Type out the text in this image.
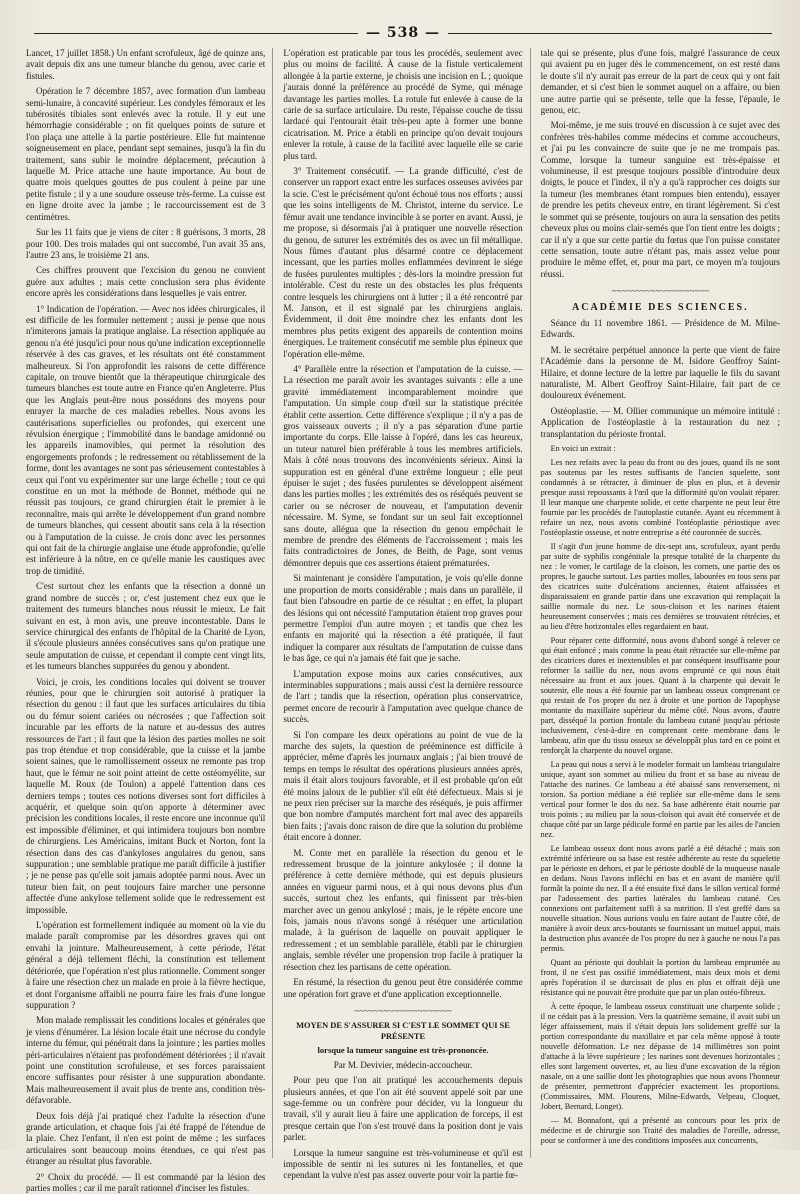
— 538 —

Lancet, 17 juillet 1858.) Un enfant scrofuleux, âgé de quinze ans, avait depuis dix ans une tumeur blanche du genou, avec carie et fistules.

Opération le 7 décembre 1857, avec formation d'un lambeau semi-lunaire, à concavité supérieur. Les condyles fémoraux et les tubérosités tibiales sont enlevés avec la rotule. Il y eut une hémorrhagie considérable ; on fit quelques points de suture et l'on plaça une attelle à la partie postérieure. Elle fut maintenue soigneusement en place, pendant sept semaines, jusqu'à la fin du traitement, sans subir le moindre déplacement, précaution à laquelle M. Price attache une haute importance. Au bout de quatre mois quelques gouttes de pus coulent à peine par une petite fistule ; il y a une soudure osseuse très-ferme. La cuisse est en ligne droite avec la jambe ; le raccourcissement est de 3 centimètres.

Sur les 11 faits que je viens de citer : 8 guérisons, 3 morts, 28 pour 100. Des trois malades qui ont succombé, l'un avait 35 ans, l'autre 23 ans, le troisième 21 ans.

Ces chiffres prouvent que l'excision du genou ne convient guère aux adultes ; mais cette conclusion sera plus évidente encore après les considérations dans lesquelles je vais entrer.

1° Indication de l'opération. — Avec nos idées chirurgicales, il est difficile de les formuler nettement ; aussi je pense que nous n'imiterons jamais la pratique anglaise. La résection appliquée au genou n'a été jusqu'ici pour nous qu'une indication exceptionnelle réservée à des cas graves, et les résultats ont été constamment malheureux. Si l'on approfondit les raisons de cette différence capitale, on trouve bientôt que la thérapeutique chirurgicale des tumeurs blanches est toute autre en France qu'en Angleterre. Plus que les Anglais peut-être nous possédons des moyens pour enrayer la marche de ces maladies rebelles. Nous avons les cautérisations superficielles ou profondes, qui exercent une révulsion énergique ; l'immobilité dans le bandage amidonné ou les appareils inamovibles, qui permet la résolution des engorgements profonds ; le redressement ou rétablissement de la forme, dont les avantages ne sont pas sérieusement contestables à ceux qui l'ont vu expérimenter sur une large échelle ; tout ce qui constitue en un mot la méthode de Bonnet, méthode qui ne réussit pas toujours, ce grand chirurgien était le premier à le reconnaître, mais qui arrête le développement d'un grand nombre de tumeurs blanches, qui cessent aboutit sans cela à la résection ou à l'amputation de la cuisse. Je crois donc avec les personnes qui ont fait de la chirurgie anglaise une étude approfondie, qu'elle est inférieure à la nôtre, en ce qu'elle manie les caustiques avec trop de timidité.

C'est surtout chez les enfants que la résection a donné un grand nombre de succès ; or, c'est justement chez eux que le traitement des tumeurs blanches nous réussit le mieux. Le fait suivant en est, à mon avis, une preuve incontestable. Dans le service chirurgical des enfants de l'hôpital de la Charité de Lyon, il s'écoule plusieurs années consécutives sans qu'on pratique une seule amputation de cuisse, et cependant il compte cent vingt lits, et les tumeurs blanches suppurées du genou y abondent.

Voici, je crois, les conditions locales qui doivent se trouver réunies, pour que le chirurgien soit autorisé à pratiquer la résection du genou : il faut que les surfaces articulaires du tibia ou du fémur soient cariées ou nécrosées ; que l'affection soit incurable par les efforts de la nature et au-dessus des autres ressources de l'art ; il faut que la lésion des parties molles ne soit pas trop étendue et trop considérable, que la cuisse et la jambe soient saines, que le ramollissement osseux ne remonte pas trop haut, que le fémur ne soit point atteint de cette ostéomyélite, sur laquelle M. Roux (de Toulon) a appelé l'attention dans ces derniers temps ; toutes ces notions diverses sont fort difficiles à acquérir, et quelque soin qu'on apporte à déterminer avec précision les conditions locales, il reste encore une inconnue qu'il est impossible d'éliminer, et qui intimidera toujours bon nombre de chirurgiens. Les Américains, imitant Buck et Norton, font la résection dans des cas d'ankyloses angulaires du genou, sans suppuration ; une semblable pratique me paraît difficile à justifier ; je ne pense pas qu'elle soit jamais adoptée parmi nous. Avec un tuteur bien fait, on peut toujours faire marcher une personne affectée d'une ankylose tellement solide que le redressement est impossible.

L'opération est formellement indiquée au moment où la vie du malade paraît compromise par les désordres graves qui ont envahi la jointure. Malheureusement, à cette période, l'état général a déjà tellement fléchi, la constitution est tellement détériorée, que l'opération n'est plus rationnelle. Comment songer à faire une résection chez un malade en proie à la fièvre hectique, et dont l'organisme affaibli ne pourra faire les frais d'une longue suppuration ?

Mon malade remplissait les conditions locales et générales que je viens d'énumérer. La lésion locale était une nécrose du condyle interne du fémur, qui pénétrait dans la jointure ; les parties molles péri-articulaires n'étaient pas profondément détériorées ; il n'avait point une constitution scrofuleuse, et ses forces paraissaient encore suffisantes pour résister à une suppuration abondante. Mais malheureusement il avait plus de trente ans, condition très-défavorable.

Deux fois déjà j'ai pratiqué chez l'adulte la résection d'une grande articulation, et chaque fois j'ai été frappé de l'étendue de la plaie. Chez l'enfant, il n'en est point de même ; les surfaces articulaires sont beaucoup moins étendues, ce qui n'est pas étranger au résultat plus favorable.

2° Choix du procédé. — Il est commandé par la lésion des parties molles ; car il me paraît rationnel d'inciser les fistules.

L'opération est praticable par tous les procédés, seulement avec plus ou moins de facilité. À cause de la fistule verticalement allongée à la partie externe, je choisis une incision en L ; quoique j'aurais donné la préférence au procédé de Syme, qui ménage davantage les parties molles. La rotule fut enlevée à cause de la carie de sa surface articulaire. Du reste, l'épaisse couche de tissu lardacé qui l'entourait était très-peu apte à former une bonne cicatrisation. M. Price a établi en principe qu'on devait toujours enlever la rotule, à cause de la facilité avec laquelle elle se carie plus tard.

3° Traitement consécutif. — La grande difficulté, c'est de conserver un rapport exact entre les surfaces osseuses avivées par la scie. C'est le précisément qu'ont échoué tous nos efforts ; aussi que les soins intelligents de M. Christot, interne du service. Le fémur avait une tendance invincible à se porter en avant. Aussi, je me propose, si désormais j'ai à pratiquer une nouvelle résection du genou, de suturer les extrémités des os avec un fil métallique. Nous fûmes d'autant plus désarmé contre ce déplacement incessant, que les parties molles enflammées devinrent le siége de fusées purulentes multiples ; dès-lors la moindre pression fut intolérable. C'est du reste un des obstacles les plus fréquents contre lesquels les chirurgiens ont à lutter ; il a été rencontré par M. Janson, et il est signalé par les chirurgiens anglais. Évidemment, il doit être moindre chez les enfants dont les membres plus petits exigent des appareils de contention moins énergiques. Le traitement consécutif me semble plus épineux que l'opération elle-même.

4° Parallèle entre la résection et l'amputation de la cuisse. — La résection me paraît avoir les avantages suivants : elle a une gravité immédiatement incomparablement moindre que l'amputation. Un simple coup d'œil sur la statistique précitée établit cette assertion. Cette différence s'explique ; il n'y a pas de gros vaisseaux ouverts ; il n'y a pas séparation d'une partie importante du corps. Elle laisse à l'opéré, dans les cas heureux, un tuteur naturel bien préférable à tous les membres artificiels. Mais à côté nous trouvons des inconvénients sérieux. Ainsi la suppuration est en général d'une extrême longueur ; elle peut épuiser le sujet ; des fusées purulentes se développent aisément dans les parties molles ; les extrémités des os réséqués peuvent se carier ou se nécroser de nouveau, et l'amputation devenir nécessaire. M. Syme, se fondant sur un seul fait exceptionnel sans doute, allégua que la résection du genou empêchait le membre de prendre des éléments de l'accroissement ; mais les faits contradictoires de Jones, de Beith, de Page, sont venus démontrer depuis que ces assertions étaient prématurées.

Si maintenant je considère l'amputation, je vois qu'elle donne une proportion de morts considérable ; mais dans un parallèle, il faut bien l'absoudre en partie de ce résultat ; en effet, la plupart des lésions qui ont nécessité l'amputation étaient trop graves pour permettre l'emploi d'un autre moyen ; et tandis que chez les enfants en majorité qui la résection a été pratiquée, il faut indiquer la comparer aux résultats de l'amputation de cuisse dans le bas âge, ce qui n'a jamais été fait que je sache.

L'amputation expose moins aux caries consécutives, aux interminables suppurations ; mais aussi c'est la dernière ressource de l'art ; tandis que la résection, opération plus conservatrice, permet encore de recourir à l'amputation avec quelque chance de succès.

Si l'on compare les deux opérations au point de vue de la marche des sujets, la question de prééminence est difficile à apprécier, même d'après les journaux anglais ; j'ai bien trouvé de temps en temps le résultat des opérations plusieurs années après, mais il était alors toujours favorable, et il est probable qu'on eût été moins jaloux de le publier s'il eût été défectueux. Mais si je ne peux rien préciser sur la marche des réséqués, je puis affirmer que bon nombre d'amputés marchent fort mal avec des appareils bien faits ; j'avais donc raison de dire que la solution du problème était encore à donner.

M. Conte met en parallèle la résection du genou et le redressement brusque de la jointure ankylosée ; il donne la préférence à cette dernière méthode, qui est depuis plusieurs années en vigueur parmi nous, et à qui nous devons plus d'un succès, surtout chez les enfants, qui finissent par très-bien marcher avec un genou ankylosé ; mais, je le répète encore une fois, jamais nous n'avons songé à réséquer une articulation malade, à la guérison de laquelle on pouvait appliquer le redressement ; et un semblable parallèle, établi par le chirurgien anglais, semble révéler une propension trop facile à pratiquer la résection chez les partisans de cette opération.

En résumé, la résection du genou peut être considérée comme une opération fort grave et d'une application exceptionnelle.

~~~~~~~~~~~~~~~~~~~~
MOYEN DE S'ASSURER SI C'EST LE SOMMET QUI SE PRÉSENTE
lorsque la tumeur sanguine est très-prononcée.
Par M. Devivier, médecin-accoucheur.

Pour peu que l'on ait pratiqué les accouchements depuis plusieurs années, et que l'on ait été souvent appelé soit par une sage-femme ou un confrère pour décider, vu la longueur du travail, s'il y aurait lieu à faire une application de forceps, il est presque certain que l'on s'est trouvé dans la position dont je vais parler.

Lorsque la tumeur sanguine est très-volumineuse et qu'il est impossible de sentir ni les sutures ni les fontanelles, et que cependant la vulve n'est pas assez ouverte pour voir la partie fœ-

tale qui se présente, plus d'une fois, malgré l'assurance de ceux qui avaient pu en juger dès le commencement, on est resté dans le doute s'il n'y aurait pas erreur de la part de ceux qui y ont fait demander, et si c'est bien le sommet auquel on a affaire, ou bien une autre partie qui se présente, telle que la fesse, l'épaule, le genou, etc.

Moi-même, je me suis trouvé en discussion à ce sujet avec des confrères très-habiles comme médecins et comme accoucheurs, et j'ai pu les convaincre de suite que je ne me trompais pas. Comme, lorsque la tumeur sanguine est très-épaisse et volumineuse, il est presque toujours possible d'introduire deux doigts, le pouce et l'index, il n'y a qu'à rapprocher ces doigts sur la tumeur (les membranes étant rompues bien entendu), essayer de prendre les petits cheveux entre, en tirant légèrement. Si c'est le sommet qui se présente, toujours on aura la sensation des petits cheveux plus ou moins clair-semés que l'on tient entre les doigts ; car il n'y a que sur cette partie du fœtus que l'on puisse constater cette sensation, toute autre n'étant pas, mais assez velue pour produire le même effet, et, pour ma part, ce moyen m'a toujours réussi.

~~~~~~~~~~~~~~~~~~~~
ACADÉMIE DES SCIENCES.

Séance du 11 novembre 1861. — Présidence de M. Milne-Edwards.

M. le secrétaire perpétuel annonce la perte que vient de faire l'Académie dans la personne de M. Isidore Geoffroy Saint-Hilaire, et donne lecture de la lettre par laquelle le fils du savant naturaliste, M. Albert Geoffroy Saint-Hilaire, fait part de ce douloureux événement.

Ostéoplastie. — M. Ollier communique un mémoire intitulé : Application de l'ostéoplastie à la restauration du nez ; transplantation du périoste frontal.

En voici un extrait :

Les nez refaits avec la peau du front ou des joues, quand ils ne sont pas soutenus par les restes suffisants de l'ancien squelette, sont condamnés à se rétracter, à diminuer de plus en plus, et à devenir presque aussi repoussants à l'œil que la difformité qu'on voulait réparer. Il leur manque une charpente solide, et cette charpente ne peut leur être fournie par les procédés de l'autoplastie cutanée. Ayant eu récemment à refaire un nez, nous avons combiné l'ostéoplastie périostique avec l'ostéoplastie osseuse, et notre entreprise a été couronnée de succès.

Il s'agit d'un jeune homme de dix-sept ans, scrofuleux, ayant perdu par suite de syphilis congénitale la presque totalité de la charpente du nez : le vomer, le cartilage de la cloison, les cornets, une partie des os propres, le gauche surtout. Les parties molles, labourées en tous sens par des cicatrices suite d'ulcérations anciennes, étaient affaissées et disparaissaient en grande partie dans une excavation qui remplaçait la saillie normale du nez. Le sous-cloison et les narines étaient heureusement conservées ; mais ces dernières se trouvaient rétrécies, et au lieu d'être horizontales elles regardaient en haut.

Pour réparer cette difformité, nous avons d'abord songé à relever ce qui était enfoncé ; mais comme la peau était rétractée sur elle-même par des cicatrices dures et inextensibles et par conséquent insuffisante pour reformer la saillie du nez, nous avons emprunté ce qui nous était nécessaire au front et aux joues. Quant à la charpente qui devait le soutenir, elle nous a été fournie par un lambeau osseux comprenant ce qui restait de l'os propre du nez à droite et une portion de l'apophyse montante du maxillaire supérieur du même côté. Nous avons, d'autre part, disséqué la portion frontale du lambeau cutané jusqu'au périoste inclusivement, c'est-à-dire en comprenant cette membrane dans le lambeau, afin que du tissu osseux se développât plus tard en ce point et renforçât la charpente du nouvel organe.

La peau qui nous a servi à le modeler formait un lambeau triangulaire unique, ayant son sommet au milieu du front et sa base au niveau de l'attache des narines. Ce lambeau a été abaissé sans renversement, ni torsion. Sa portion médiane a été repliée sur elle-même dans le sens vertical pour former le dos du nez. Sa base adhérente était nourrie par trois points ; au milieu par la sous-cloison qui avait été conservée et de chaque côté par un large pédicule formé en partie par les ailes de l'ancien nez.

Le lambeau osseux dont nous avons parlé a été détaché ; mais son extrémité inférieure ou sa base est restée adhérente au reste du squelette par le périoste en dehors, et par le périoste doublé de la muqueuse nasale en dedans. Nous l'avons infléchi en bas et en avant de manière qu'il formât la pointe du nez. Il a été ensuite fixé dans le sillon vertical formé par l'adossement des parties latérales du lambeau cutané. Ces connexions ont parfaitement suffi à sa nutrition. Il s'est greffé dans sa nouvelle situation. Nous aurions voulu en faire autant de l'autre côté, de manière à avoir deux arcs-boutants se fournissant un mutuel appui, mais la destruction plus avancée de l'os propre du nez à gauche ne nous l'a pas permis.

Quant au périoste qui doublait la portion du lambeau empruntée au front, il ne s'est pas ossifié immédiatement, mais deux mois et demi après l'opération il se durcissait de plus en plus et offrait déjà une résistance qui ne pouvait être produite que par un plan ostéo-fibreux.

À cette époque, le lambeau osseux constituait une charpente solide ; il ne cédait pas à la pression. Vers la quatrième semaine, il avait subi un léger affaissement, mais il s'était depuis lors solidement greffé sur la portion correspondante du maxillaire et par cela même opposé à toute nouvelle déformation. Le nez dépasse de 14 millimètres son point d'attache à la lèvre supérieure ; les narines sont devenues horizontales ; elles sont largement ouvertes, et, au lieu d'une excavation de la région nasale, on a une saillie dont les photographies que nous avons l'honneur de présenter, permettront d'apprécier exactement les proportions. (Commissaires, MM. Flourens, Milne-Edwards, Velpeau, Cloquet, Jobert, Bernard, Longet).

— M. Bonnafont, qui a présenté au concours pour les prix de médecine et de chirurgie son Traité des maladies de l'oreille, adresse, pour se conformer à une des conditions imposées aux concurrents,
